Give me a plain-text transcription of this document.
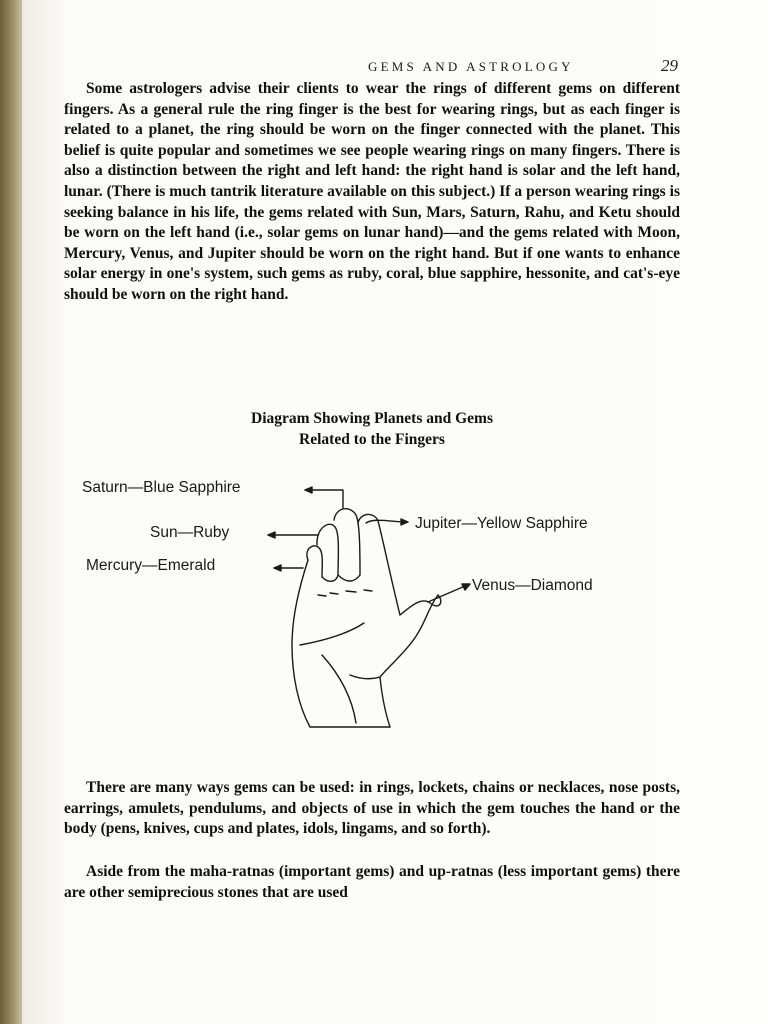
GEMS AND ASTROLOGY	29

Some astrologers advise their clients to wear the rings of different gems on different fingers. As a general rule the ring finger is the best for wearing rings, but as each finger is related to a planet, the ring should be worn on the finger connected with the planet. This belief is quite popular and sometimes we see people wearing rings on many fingers. There is also a distinction between the right and left hand: the right hand is solar and the left hand, lunar. (There is much tantrik literature available on this subject.) If a person wearing rings is seeking balance in his life, the gems related with Sun, Mars, Saturn, Rahu, and Ketu should be worn on the left hand (i.e., solar gems on lunar hand)—and the gems related with Moon, Mercury, Venus, and Jupiter should be worn on the right hand. But if one wants to enhance solar energy in one's system, such gems as ruby, coral, blue sapphire, hessonite, and cat's-eye should be worn on the right hand.

Diagram Showing Planets and Gems
Related to the Fingers
Saturn—Blue Sapphire
Sun—Ruby
Mercury—Emerald
Jupiter—Yellow Sapphire
Venus—Diamond

There are many ways gems can be used: in rings, lockets, chains or necklaces, nose posts, earrings, amulets, pendulums, and objects of use in which the gem touches the hand or the body (pens, knives, cups and plates, idols, lingams, and so forth).

Aside from the maha-ratnas (important gems) and up-ratnas (less important gems) there are other semiprecious stones that are used
